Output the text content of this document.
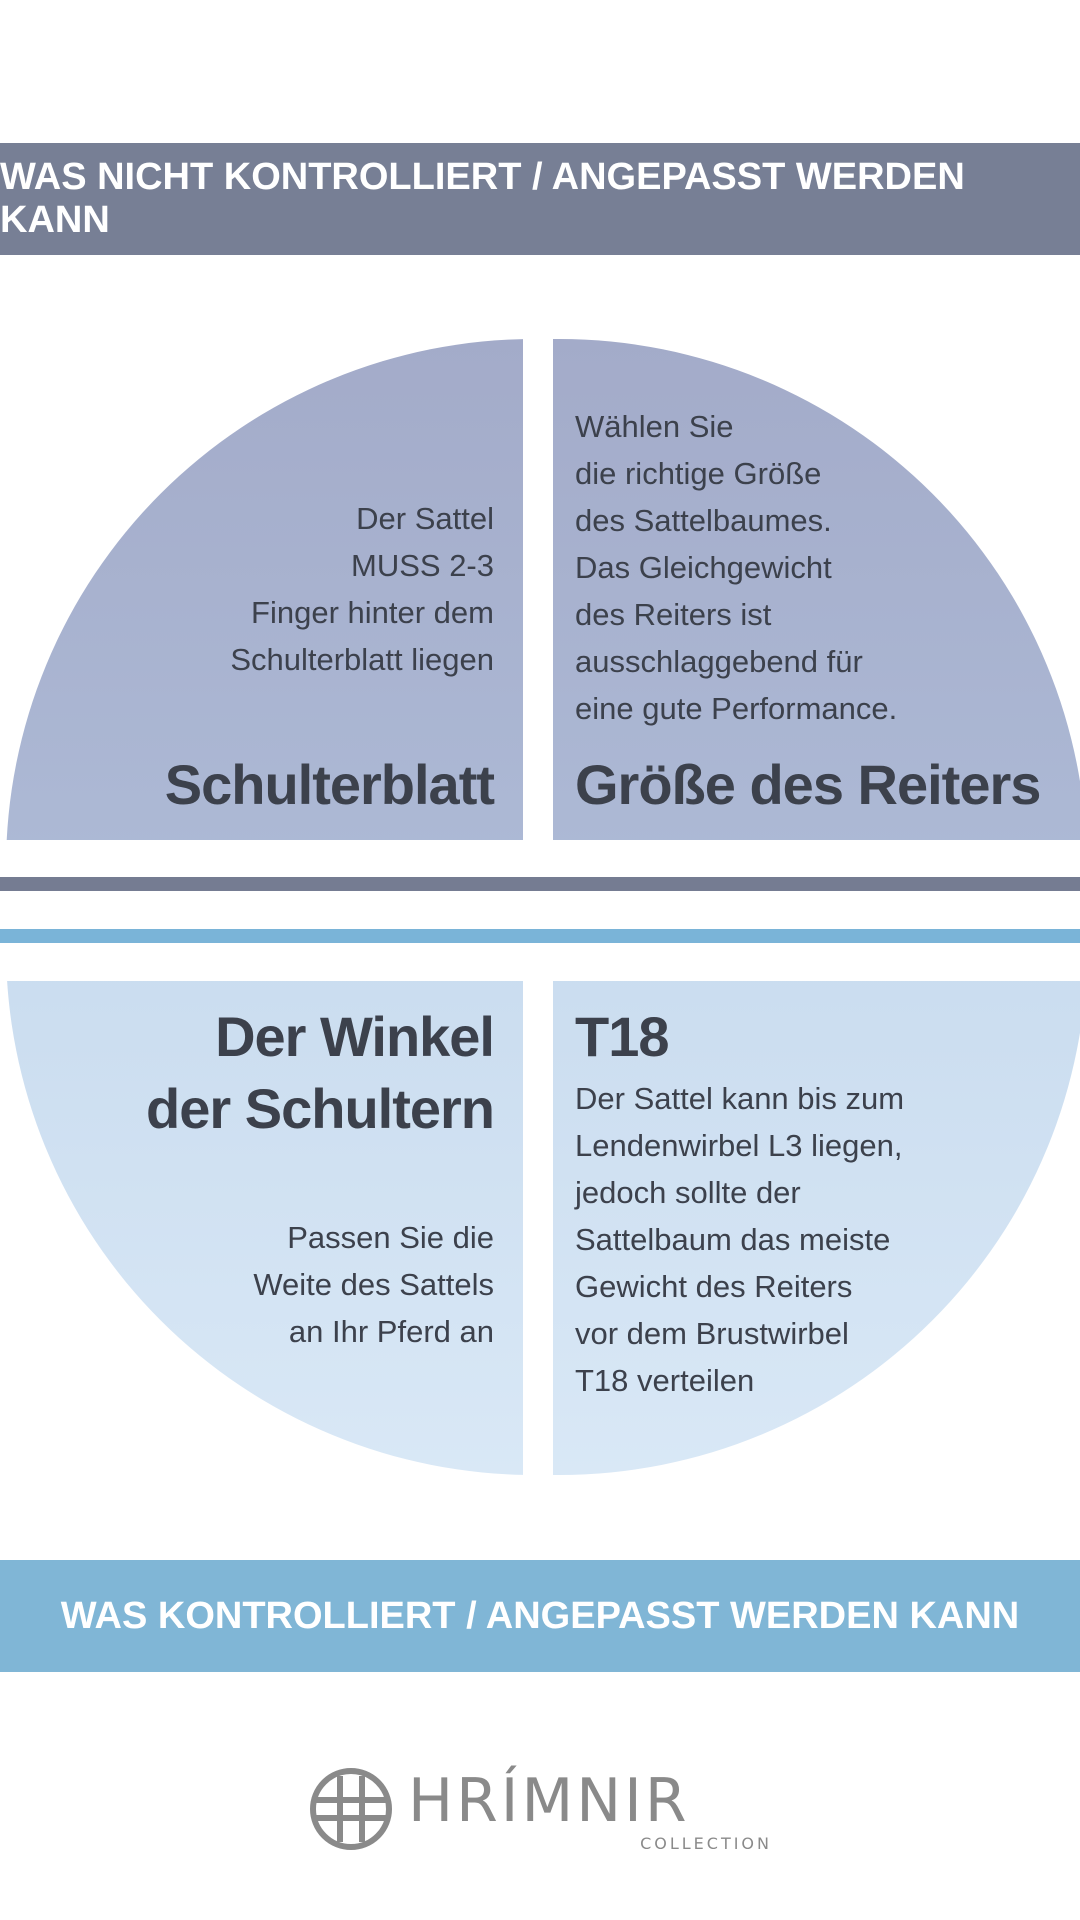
WAS NICHT KONTROLLIERT / ANGEPASST WERDEN KANN
Der Sattel
MUSS 2-3
Finger hinter dem
Schulterblatt liegen
Schulterblatt
Wählen Sie
die richtige Größe
des Sattelbaumes.
Das Gleichgewicht
des Reiters ist
ausschlaggebend für
eine gute Performance.
Größe des Reiters
Der Winkel
der Schultern
Passen Sie die
Weite des Sattels
an Ihr Pferd an
T18
Der Sattel kann bis zum
Lendenwirbel L3 liegen,
jedoch sollte der
Sattelbaum das meiste
Gewicht des Reiters
vor dem Brustwirbel
T18 verteilen
WAS KONTROLLIERT / ANGEPASST WERDEN KANN
HRÍMNIR
COLLECTION
